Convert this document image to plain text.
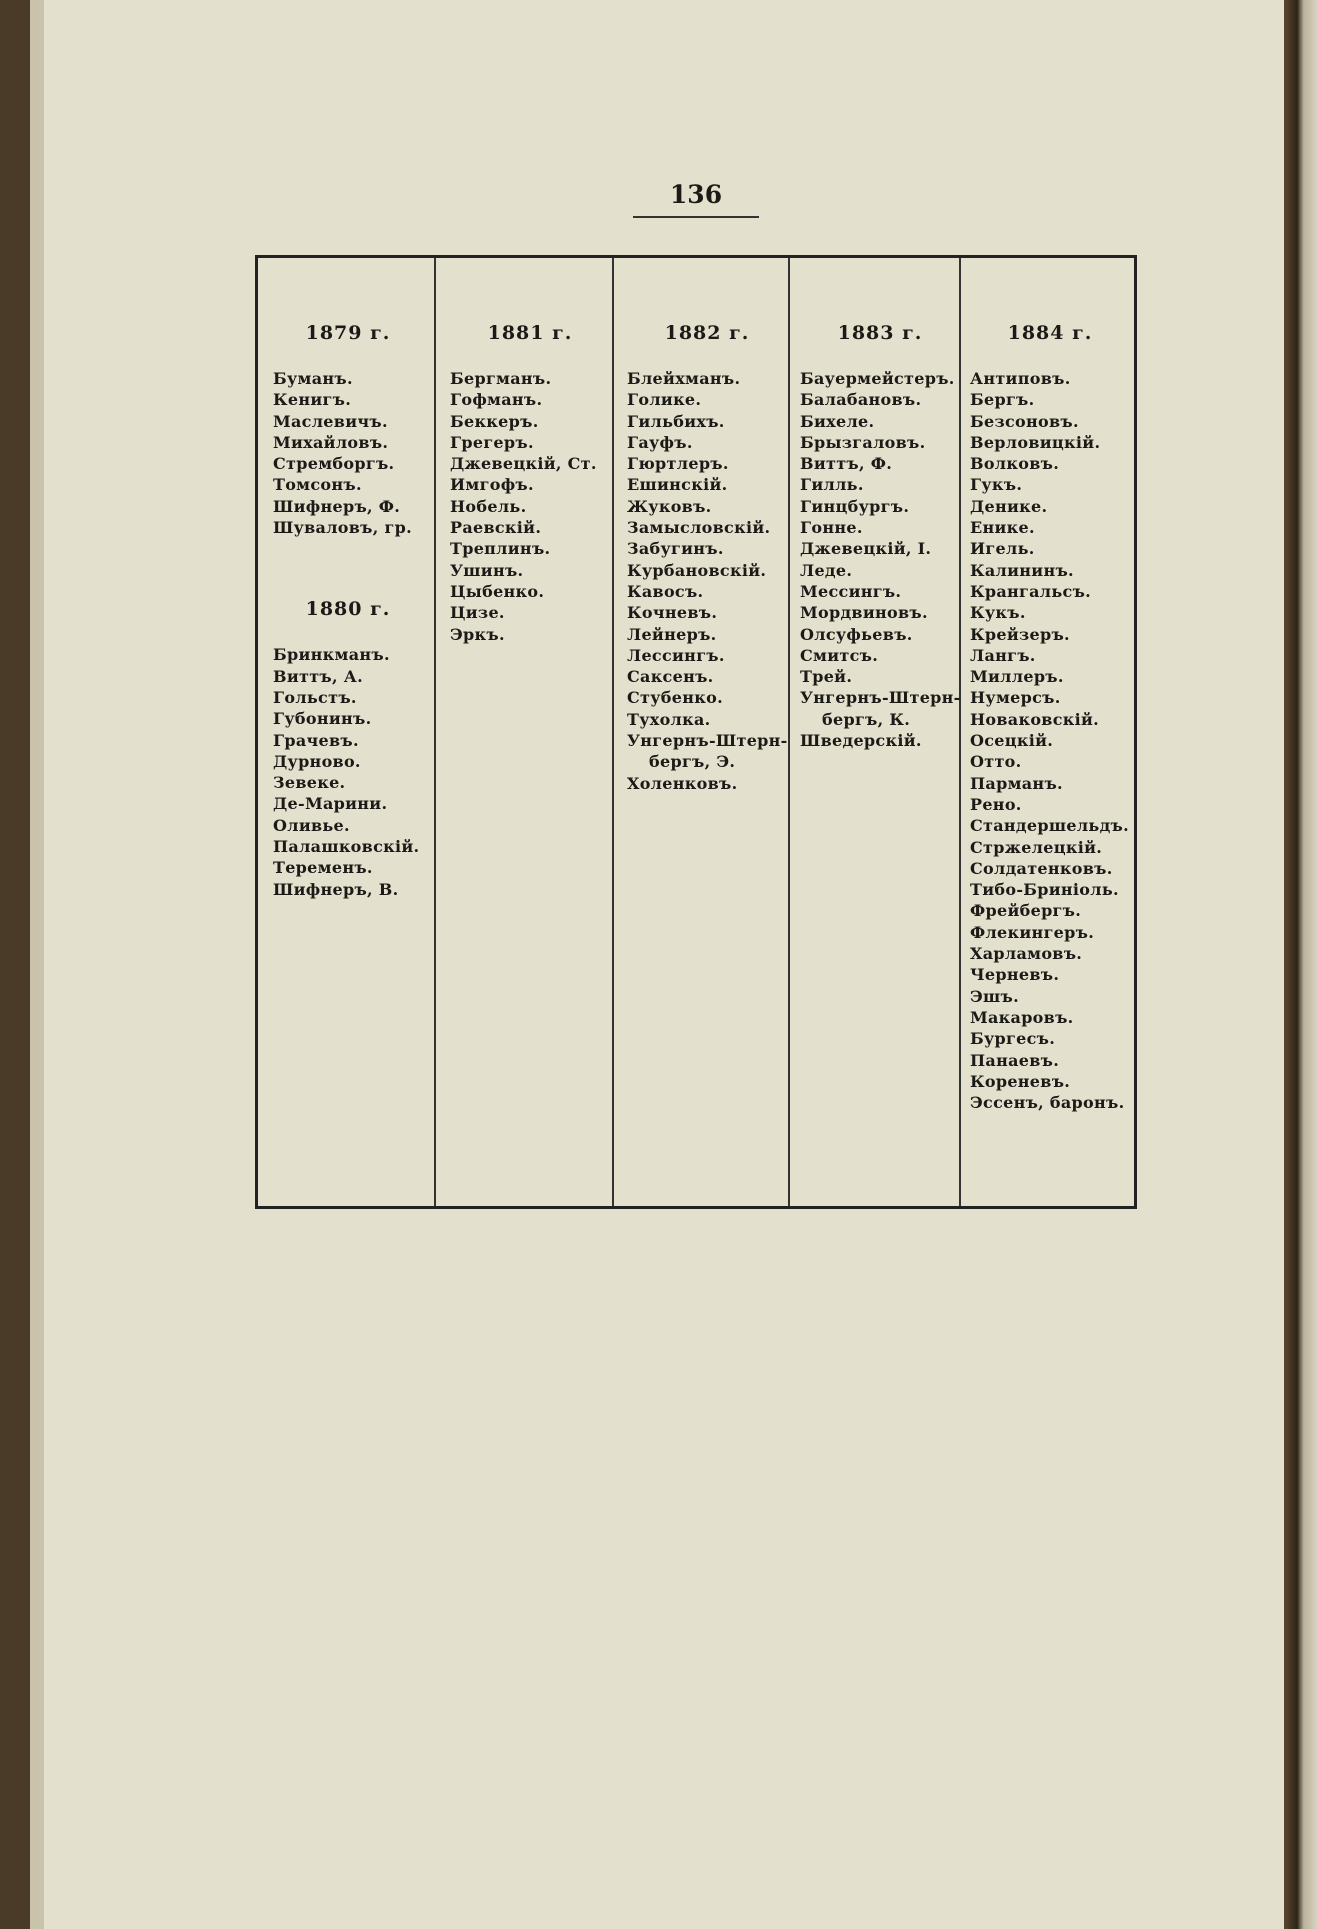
136
1879 г.
Буманъ.
Кенигъ.
Маслевичъ.
Михайловъ.
Стремборгъ.
Томсонъ.
Шифнеръ, Ф.
Шуваловъ, гр.
1880 г.
Бринкманъ.
Виттъ, А.
Гольстъ.
Губонинъ.
Грачевъ.
Дурново.
Зевеке.
Де-Марини.
Оливье.
Палашковскій.
Теременъ.
Шифнеръ, В.
1881 г.
Бергманъ.
Гофманъ.
Беккеръ.
Грегеръ.
Джевецкій, Ст.
Имгофъ.
Нобель.
Раевскій.
Треплинъ.
Ушинъ.
Цыбенко.
Цизе.
Эркъ.
1882 г.
Блейхманъ.
Голике.
Гильбихъ.
Гауфъ.
Гюртлеръ.
Ешинскій.
Жуковъ.
Замысловскій.
Забугинъ.
Курбановскій.
Кавосъ.
Кочневъ.
Лейнеръ.
Лессингъ.
Саксенъ.
Стубенко.
Тухолка.
Унгернъ-Штерн-
бергъ, Э.
Холенковъ.
1883 г.
Бауермейстеръ.
Балабановъ.
Бихеле.
Брызгаловъ.
Виттъ, Ф.
Гилль.
Гинцбургъ.
Гонне.
Джевецкій, І.
Леде.
Мессингъ.
Мордвиновъ.
Олсуфьевъ.
Смитсъ.
Трей.
Унгернъ-Штерн-
бергъ, К.
Шведерскій.
1884 г.
Антиповъ.
Бергъ.
Безсоновъ.
Верловицкій.
Волковъ.
Гукъ.
Деникe.
Еникe.
Игель.
Калининъ.
Крангальсъ.
Кукъ.
Крейзеръ.
Лангъ.
Миллеръ.
Нумерсъ.
Новаковскій.
Осецкій.
Отто.
Парманъ.
Рено.
Стандершельдъ.
Стржелецкій.
Солдатенковъ.
Тибо-Бриніоль.
Фрейбергъ.
Флекингеръ.
Харламовъ.
Черневъ.
Эшъ.
Макаровъ.
Бургесъ.
Панаевъ.
Кореневъ.
Эссенъ, баронъ.
